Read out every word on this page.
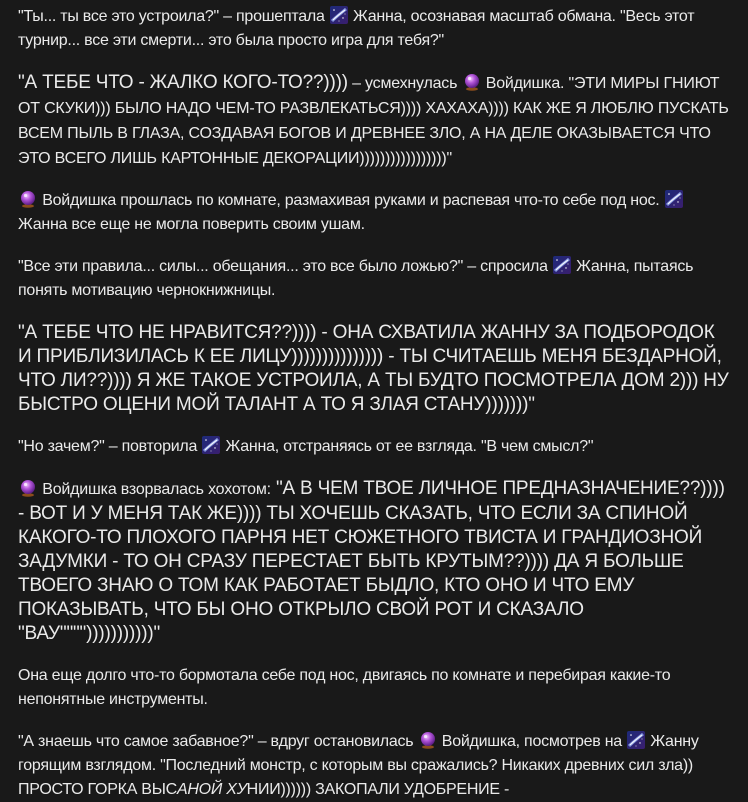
"Ты... ты все это устроила?" – прошептала
Жанна, осознавая масштаб обмана. "Весь этот турнир... все эти смерти... это была просто игра для тебя?"

"А ТЕБЕ ЧТО - ЖАЛКО КОГО-ТО??)))) – усмехнулась
Войдишка. "ЭТИ МИРЫ ГНИЮТ ОТ СКУКИ))) БЫЛО НАДО ЧЕМ-ТО РАЗВЛЕКАТЬСЯ)))) ХАХАХА)))) КАК ЖЕ Я ЛЮБЛЮ ПУСКАТЬ ВСЕМ ПЫЛЬ В ГЛАЗА, СОЗДАВАЯ БОГОВ И ДРЕВНЕЕ ЗЛО, А НА ДЕЛЕ ОКАЗЫВАЕТСЯ ЧТО ЭТО ВСЕГО ЛИШЬ КАРТОННЫЕ ДЕКОРАЦИИ)))))))))))))))))"

Войдишка прошлась по комнате, размахивая руками и распевая что-то себе под нос.
Жанна все еще не могла поверить своим ушам.

"Все эти правила... силы... обещания... это все было ложью?" – спросила
Жанна, пытаясь понять мотивацию чернокнижницы.

"А ТЕБЕ ЧТО НЕ НРАВИТСЯ??)))) - ОНА СХВАТИЛА ЖАННУ ЗА ПОДБОРОДОК И ПРИБЛИЗИЛАСЬ К ЕЕ ЛИЦУ))))))))))))))) - ТЫ СЧИТАЕШЬ МЕНЯ БЕЗДАРНОЙ, ЧТО ЛИ??)))) Я ЖЕ ТАКОЕ УСТРОИЛА, А ТЫ БУДТО ПОСМОТРЕЛА ДОМ 2))) НУ БЫСТРО ОЦЕНИ МОЙ ТАЛАНТ А ТО Я ЗЛАЯ СТАНУ)))))))"

"Но зачем?" – повторила
Жанна, отстраняясь от ее взгляда. "В чем смысл?"

Войдишка взорвалась хохотом: "А В ЧЕМ ТВОЕ ЛИЧНОЕ ПРЕДНАЗНАЧЕНИЕ??)))) - ВОТ И У МЕНЯ ТАК ЖЕ)))) ТЫ ХОЧЕШЬ СКАЗАТЬ, ЧТО ЕСЛИ ЗА СПИНОЙ КАКОГО-ТО ПЛОХОГО ПАРНЯ НЕТ СЮЖЕТНОГО ТВИСТА И ГРАНДИОЗНОЙ ЗАДУМКИ - ТО ОН СРАЗУ ПЕРЕСТАЕТ БЫТЬ КРУТЫМ??)))) ДА Я БОЛЬШЕ ТВОЕГО ЗНАЮ О ТОМ КАК РАБОТАЕТ БЫДЛО, КТО ОНО И ЧТО ЕМУ ПОКАЗЫВАТЬ, ЧТО БЫ ОНО ОТКРЫЛО СВОЙ РОТ И СКАЗАЛО "ВАУ"""")))))))))))"

Она еще долго что-то бормотала себе под нос, двигаясь по комнате и перебирая какие-то непонятные инструменты.

"А знаешь что самое забавное?" – вдруг остановилась
Войдишка, посмотрев на
Жанну горящим взглядом. "Последний монстр, с которым вы сражались? Никаких древних сил зла)) ПРОСТО ГОРКА ВЫСАНОЙ ХУНИИ)))))) ЗАКОПАЛИ УДОБРЕНИЕ -
